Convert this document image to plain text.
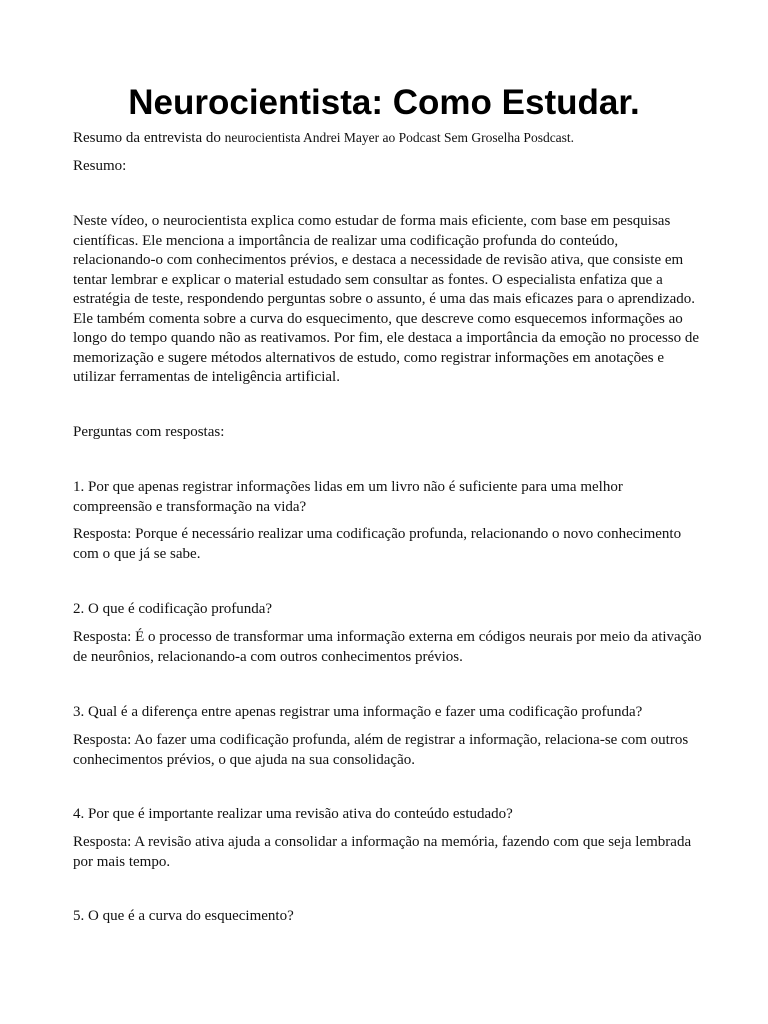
Neurocientista: Como Estudar.

Resumo da entrevista do neurocientista Andrei Mayer ao Podcast Sem Groselha Posdcast.

Resumo:

Neste vídeo, o neurocientista explica como estudar de forma mais eficiente, com base em pesquisas científicas. Ele menciona a importância de realizar uma codificação profunda do conteúdo, relacionando-o com conhecimentos prévios, e destaca a necessidade de revisão ativa, que consiste em tentar lembrar e explicar o material estudado sem consultar as fontes. O especialista enfatiza que a estratégia de teste, respondendo perguntas sobre o assunto, é uma das mais eficazes para o aprendizado. Ele também comenta sobre a curva do esquecimento, que descreve como esquecemos informações ao longo do tempo quando não as reativamos. Por fim, ele destaca a importância da emoção no processo de memorização e sugere métodos alternativos de estudo, como registrar informações em anotações e utilizar ferramentas de inteligência artificial.

Perguntas com respostas:

1. Por que apenas registrar informações lidas em um livro não é suficiente para uma melhor compreensão e transformação na vida?

Resposta: Porque é necessário realizar uma codificação profunda, relacionando o novo conhecimento com o que já se sabe.

2. O que é codificação profunda?

Resposta: É o processo de transformar uma informação externa em códigos neurais por meio da ativação de neurônios, relacionando-a com outros conhecimentos prévios.

3. Qual é a diferença entre apenas registrar uma informação e fazer uma codificação profunda?

Resposta: Ao fazer uma codificação profunda, além de registrar a informação, relaciona-se com outros conhecimentos prévios, o que ajuda na sua consolidação.

4. Por que é importante realizar uma revisão ativa do conteúdo estudado?

Resposta: A revisão ativa ajuda a consolidar a informação na memória, fazendo com que seja lembrada por mais tempo.

5. O que é a curva do esquecimento?
